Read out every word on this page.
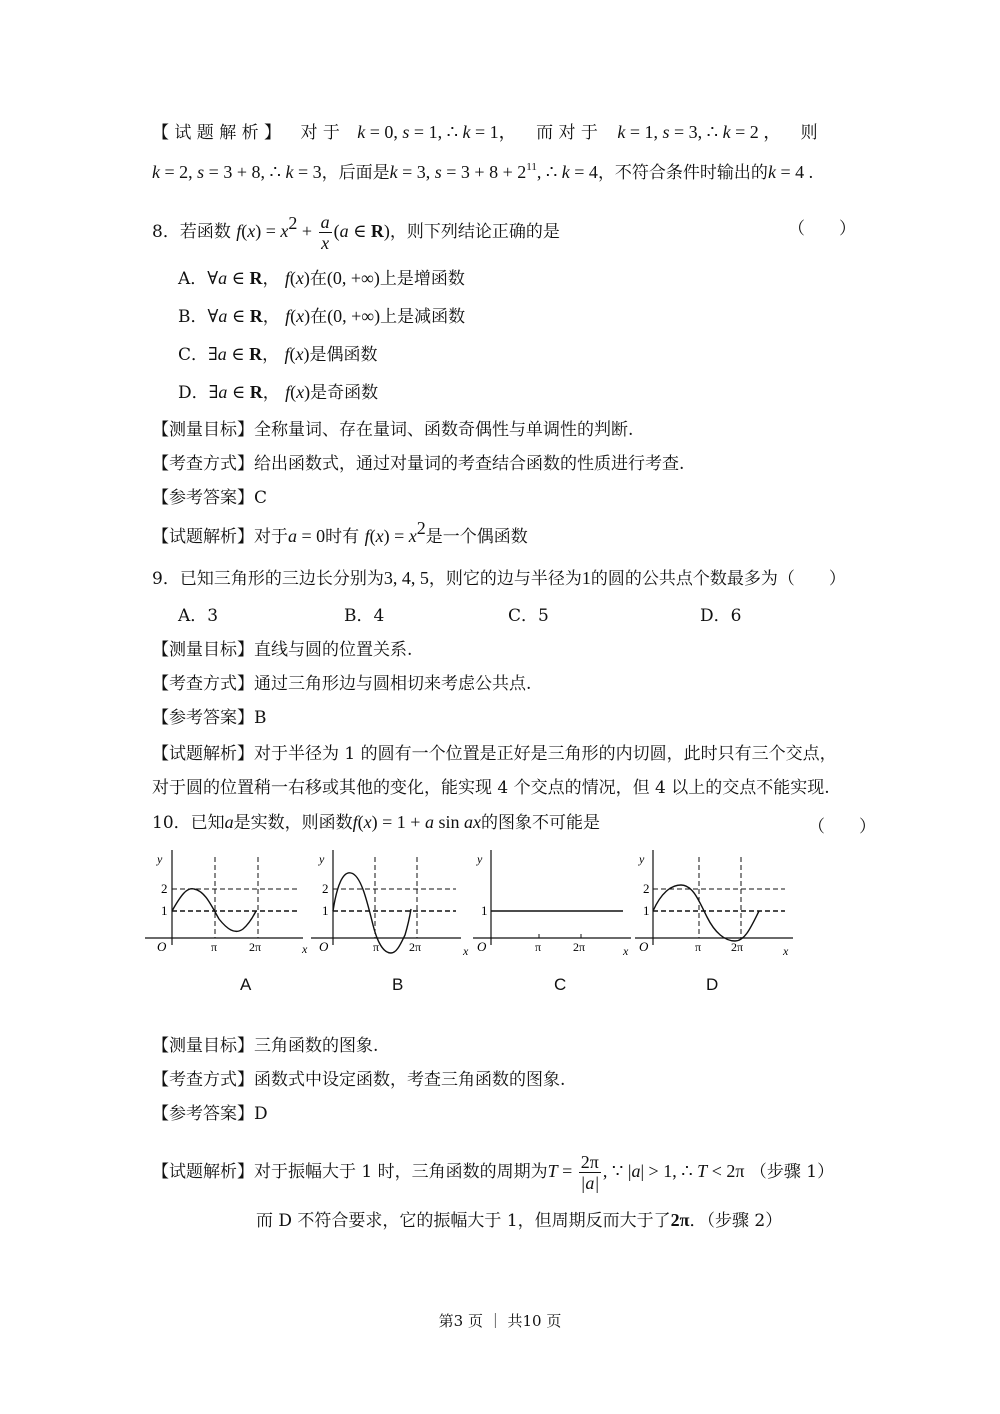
【 试 题 解 析 】 对 于 k = 0, s = 1, ∴ k = 1， 而 对 于 k = 1, s = 3, ∴ k = 2 ， 则
k = 2, s = 3 + 8, ∴ k = 3，后面是k = 3, $s = 3 + 8 + 2^{11}$, ∴ k = 4，不符合条件时输出的k = 4 .
8．若函数 $f(x) = x^2 + \frac{a}{x} (a$ ∈ R)，则下列结论正确的是	（　　）
A．∀a ∈ R， f(x)在(0, +∞)上是增函数
B．∀a ∈ R， f(x)在(0, +∞)上是减函数
C．∃a ∈ R， f(x)是偶函数
D．∃a ∈ R， f(x)是奇函数
【测量目标】全称量词、存在量词、函数奇偶性与单调性的判断.
【考查方式】给出函数式，通过对量词的考查结合函数的性质进行考查.
【参考答案】C
【试题解析】对于a = 0时有 $f(x) = x^2$是一个偶函数
9．已知三角形的三边长分别为3, 4, 5，则它的边与半径为1的圆的公共点个数最多为（　　）
A．3	B．4	C．5	D．6
【测量目标】直线与圆的位置关系.
【考查方式】通过三角形边与圆相切来考虑公共点.
【参考答案】B
【试题解析】对于半径为 1 的圆有一个位置是正好是三角形的内切圆，此时只有三个交点，
对于圆的位置稍一右移或其他的变化，能实现 4 个交点的情况，但 4 以上的交点不能实现.
10．已知a是实数，则函数f(x) = 1 + a sin ax的图象不可能是	（　　）
y
2
1
O	π	2π	x
y
2
1
O	π 2π	x
y
1
O	π	2π	x
y
2
1
O	π 2π	x
A	B	C	D
【测量目标】三角函数的图象.
【考查方式】函数式中设定函数，考查三角函数的图象.
【参考答案】D
【试题解析】对于振幅大于 1 时，三角函数的周期为$T = \frac{2\pi}{|a|}$ , ∵ |a| > 1, ∴ T < 2π （步骤 1）
而 D 不符合要求，它的振幅大于 1，但周期反而大于了2π．（步骤 2）
第3 页 ｜ 共10 页
